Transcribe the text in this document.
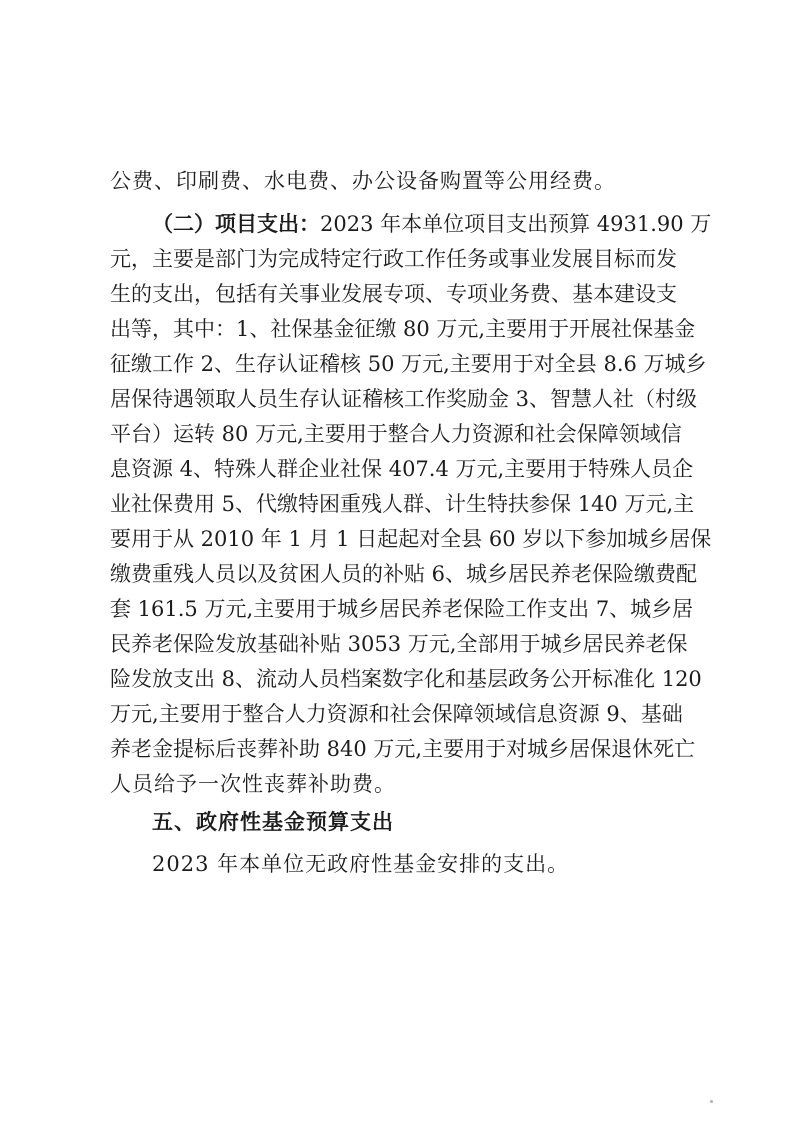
公费、印刷费、水电费、办公设备购置等公用经费。
（二）项目支出： 2023 年本单位项目支出预算 4931.90 万
元，主要是部门为完成特定行政工作任务或事业发展目标而发
生的支出，包括有关事业发展专项、专项业务费、基本建设支
出等，其中：1、社保基金征缴 80 万元,主要用于开展社保基金
征缴工作 2、生存认证稽核 50 万元,主要用于对全县 8.6 万城乡
居保待遇领取人员生存认证稽核工作奖励金 3、智慧人社（村级
平台）运转 80 万元,主要用于整合人力资源和社会保障领域信
息资源 4、特殊人群企业社保 407.4 万元,主要用于特殊人员企
业社保费用 5、代缴特困重残人群、计生特扶参保 140 万元,主
要用于从 2010 年 1 月 1 日起起对全县 60 岁以下参加城乡居保
缴费重残人员以及贫困人员的补贴 6、城乡居民养老保险缴费配
套 161.5 万元,主要用于城乡居民养老保险工作支出 7、城乡居
民养老保险发放基础补贴 3053 万元,全部用于城乡居民养老保
险发放支出 8、流动人员档案数字化和基层政务公开标准化 120
万元,主要用于整合人力资源和社会保障领域信息资源 9、基础
养老金提标后丧葬补助 840 万元,主要用于对城乡居保退休死亡
人员给予一次性丧葬补助费。
五、政府性基金预算支出
2023 年本单位无政府性基金安排的支出。
